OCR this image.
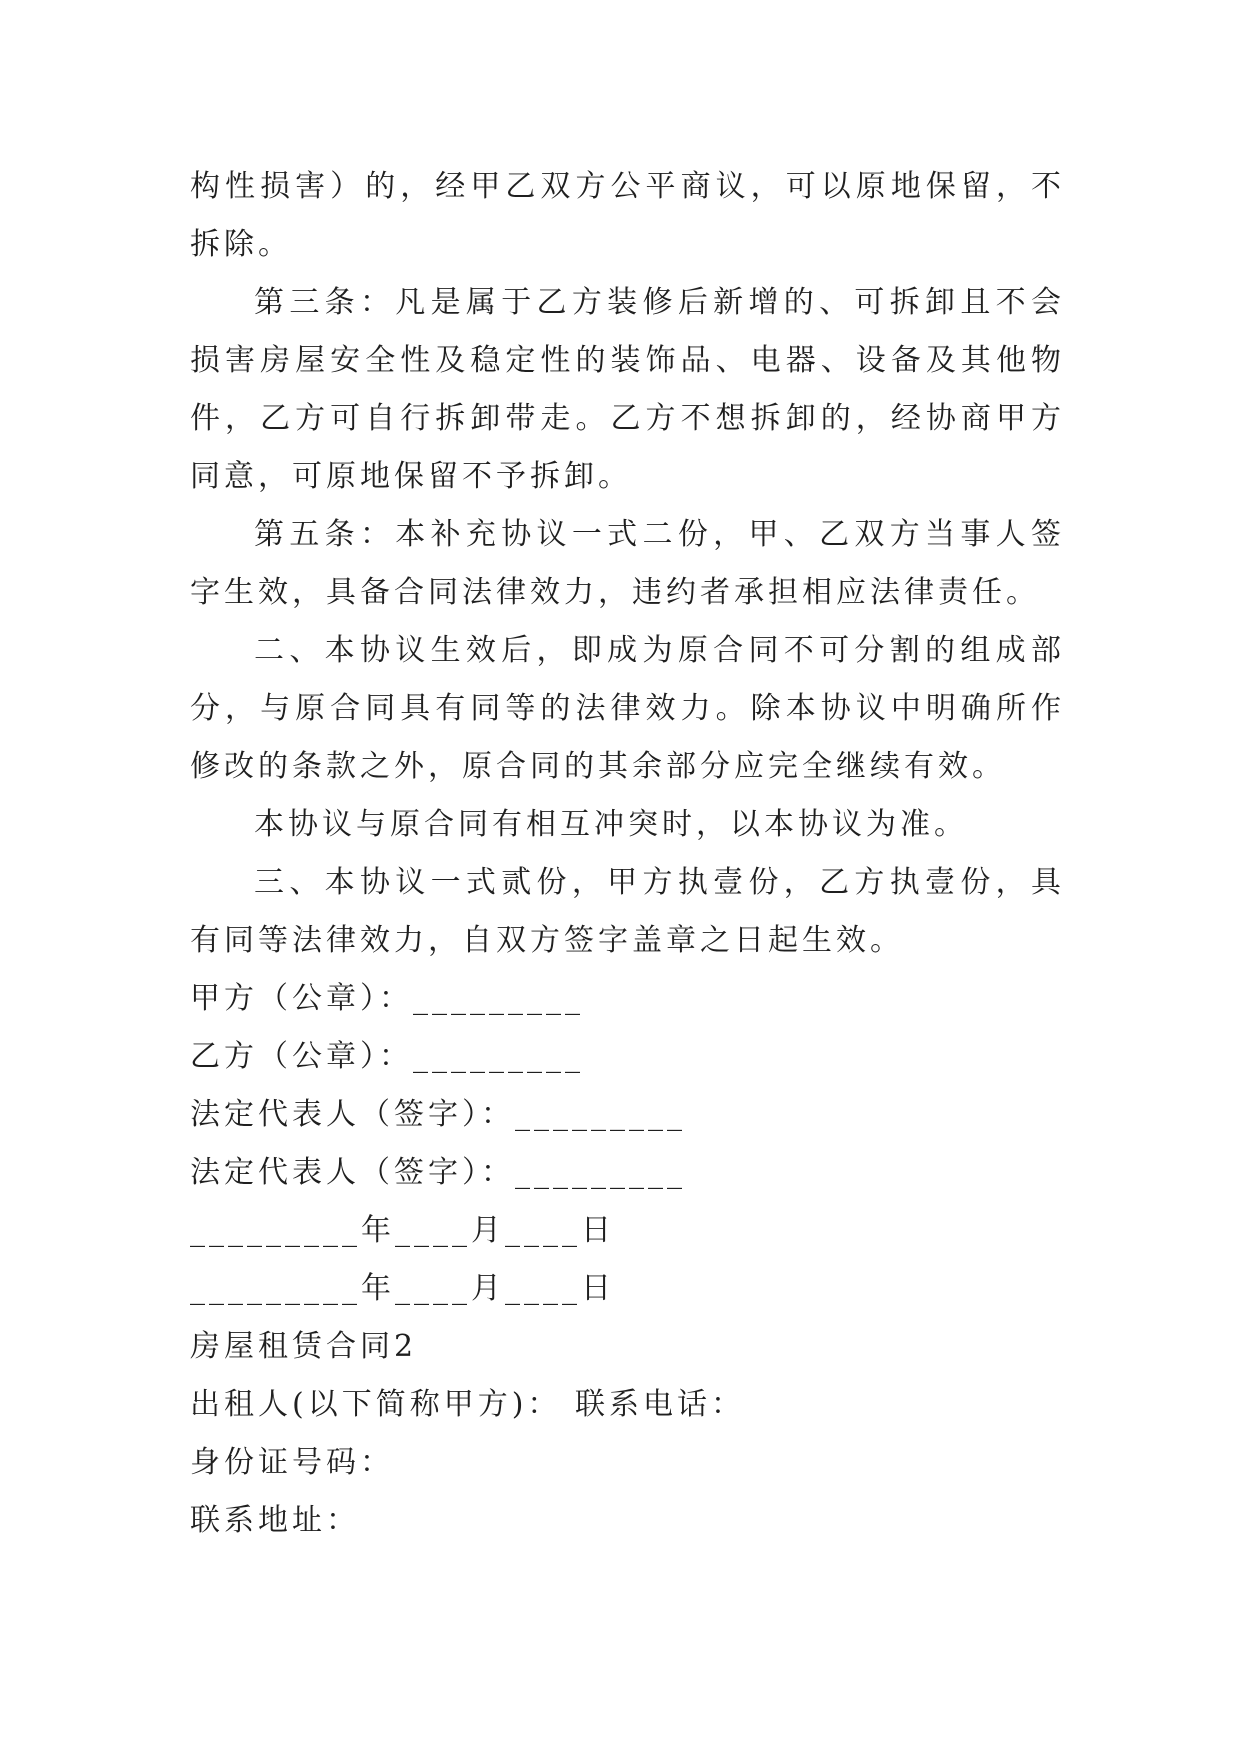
构性损害）的，经甲乙双方公平商议，可以原地保留，不拆除。

第三条：凡是属于乙方装修后新增的、可拆卸且不会损害房屋安全性及稳定性的装饰品、电器、设备及其他物件，乙方可自行拆卸带走。乙方不想拆卸的，经协商甲方同意，可原地保留不予拆卸。

第五条：本补充协议一式二份，甲、乙双方当事人签字生效，具备合同法律效力，违约者承担相应法律责任。

二、本协议生效后，即成为原合同不可分割的组成部分，与原合同具有同等的法律效力。除本协议中明确所作修改的条款之外，原合同的其余部分应完全继续有效。

本协议与原合同有相互冲突时，以本协议为准。

三、本协议一式贰份，甲方执壹份，乙方执壹份，具有同等法律效力，自双方签字盖章之日起生效。

甲方（公章）：_________

乙方（公章）：_________

法定代表人（签字）：_________

法定代表人（签字）：_________

_________年____月____日

_________年____月____日

房屋租赁合同2

出租人(以下简称甲方)： 联系电话：

身份证号码：

联系地址：
